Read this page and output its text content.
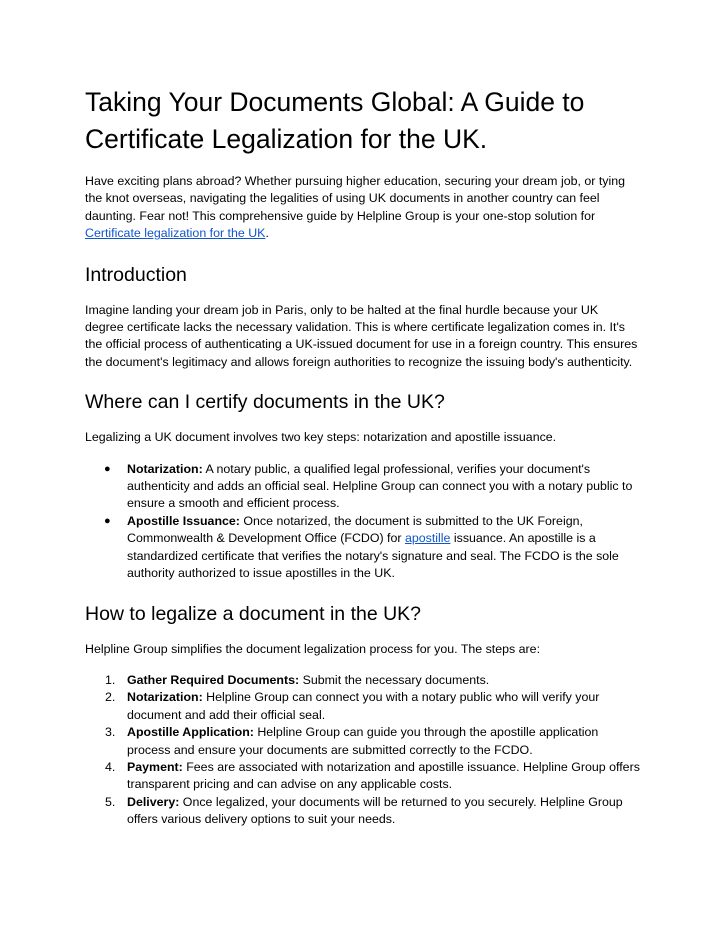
Taking Your Documents Global: A Guide to Certificate Legalization for the UK.

Have exciting plans abroad? Whether pursuing higher education, securing your dream job, or tying the knot overseas, navigating the legalities of using UK documents in another country can feel daunting. Fear not! This comprehensive guide by Helpline Group is your one-stop solution for Certificate legalization for the UK.

Introduction

Imagine landing your dream job in Paris, only to be halted at the final hurdle because your UK degree certificate lacks the necessary validation. This is where certificate legalization comes in. It's the official process of authenticating a UK-issued document for use in a foreign country. This ensures the document's legitimacy and allows foreign authorities to recognize the issuing body's authenticity.

Where can I certify documents in the UK?

Legalizing a UK document involves two key steps: notarization and apostille issuance.

● Notarization: A notary public, a qualified legal professional, verifies your document's authenticity and adds an official seal. Helpline Group can connect you with a notary public to ensure a smooth and efficient process.
● Apostille Issuance: Once notarized, the document is submitted to the UK Foreign, Commonwealth & Development Office (FCDO) for apostille issuance. An apostille is a standardized certificate that verifies the notary's signature and seal. The FCDO is the sole authority authorized to issue apostilles in the UK.
How to legalize a document in the UK?

Helpline Group simplifies the document legalization process for you. The steps are:

1. Gather Required Documents: Submit the necessary documents.
2. Notarization: Helpline Group can connect you with a notary public who will verify your document and add their official seal.
3. Apostille Application: Helpline Group can guide you through the apostille application process and ensure your documents are submitted correctly to the FCDO.
4. Payment: Fees are associated with notarization and apostille issuance. Helpline Group offers transparent pricing and can advise on any applicable costs.
5. Delivery: Once legalized, your documents will be returned to you securely. Helpline Group offers various delivery options to suit your needs.
